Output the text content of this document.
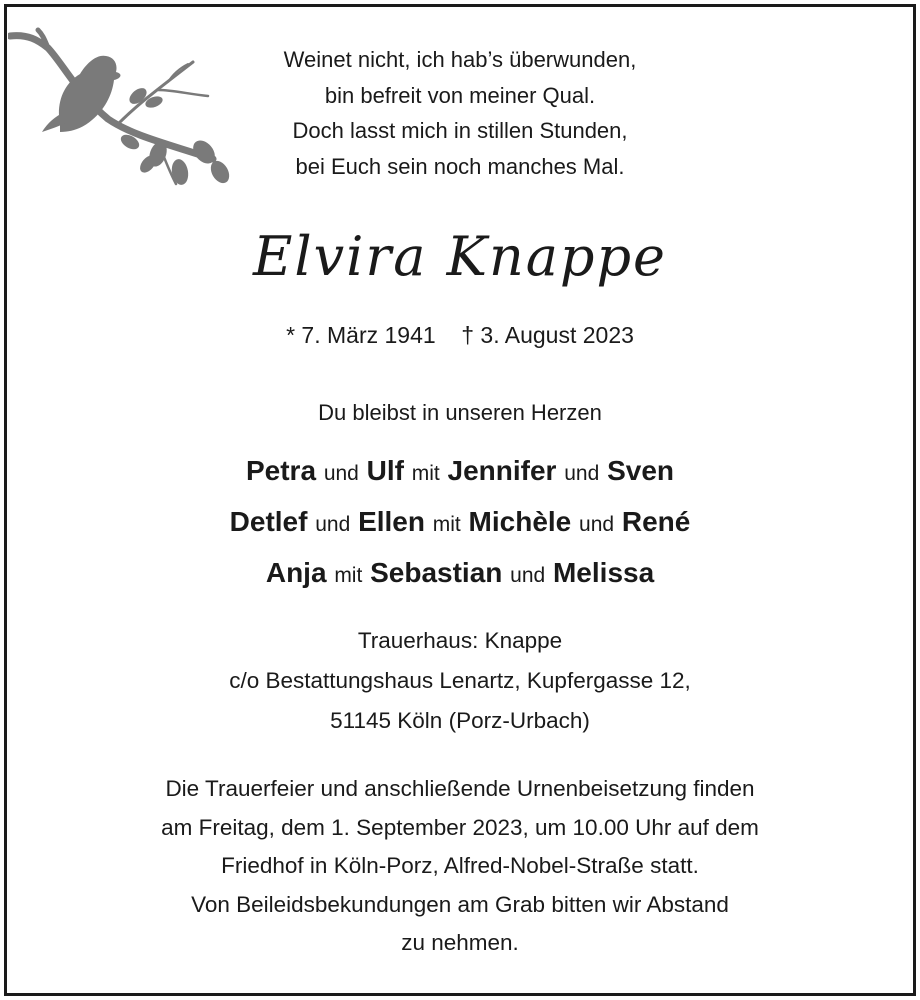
Weinet nicht, ich hab’s überwunden,
bin befreit von meiner Qual.
Doch lasst mich in stillen Stunden,
bei Euch sein noch manches Mal.
Elvira Knappe
* 7. März 1941 † 3. August 2023
Du bleibst in unseren Herzen
Petra und Ulf mit Jennifer und Sven
Detlef und Ellen mit Michèle und René
Anja mit Sebastian und Melissa
Trauerhaus: Knappe
c/o Bestattungshaus Lenartz, Kupfergasse 12,
51145 Köln (Porz-Urbach)
Die Trauerfeier und anschließende Urnenbeisetzung finden
am Freitag, dem 1. September 2023, um 10.00 Uhr auf dem
Friedhof in Köln-Porz, Alfred-Nobel-Straße statt.
Von Beileidsbekundungen am Grab bitten wir Abstand
zu nehmen.
